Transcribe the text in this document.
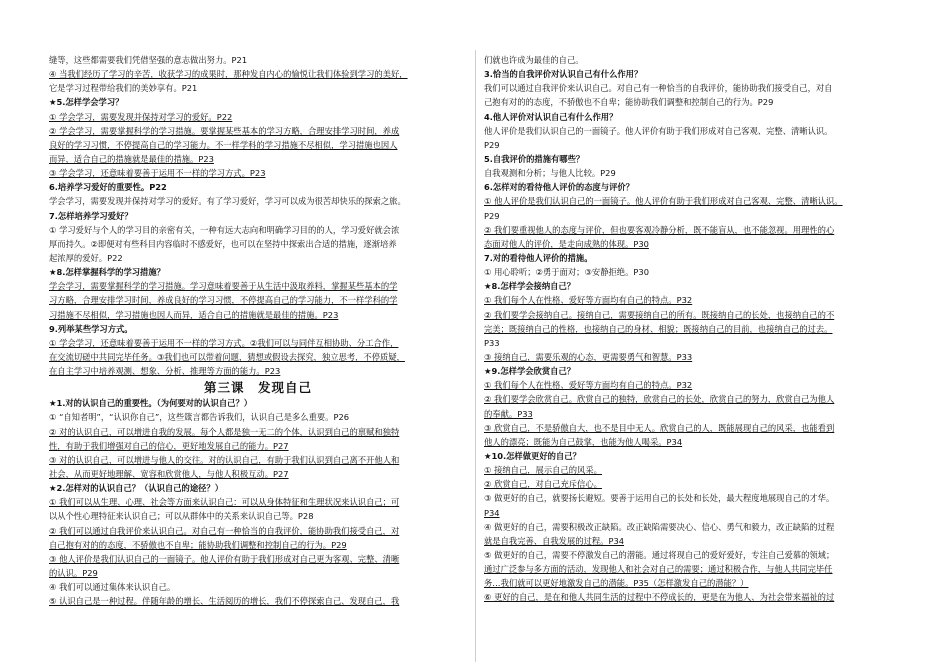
缝等，这些都需要我们凭借坚强的意志做出努力。P21
④ 当我们经历了学习的辛苦，收获学习的成果时，那种发自内心的愉悦让我们体验到学习的美好，
它是学习过程带给我们的美妙享有。P21
★5.怎样学会学习？
① 学会学习，需要发现并保持对学习的爱好。P22
② 学会学习，需要掌握科学的学习措施。要掌握某些基本的学习方略，合理安排学习时间，养成
良好的学习习惯，不停提高自己的学习能力。不一样学科的学习措施不尽相似，学习措施也因人
而异，适合自己的措施就是最佳的措施。P23
③ 学会学习，还意味着要善于运用不一样的学习方式。P23
6.培养学习爱好的重要性。P22
学会学习，需要发现并保持对学习的爱好。有了学习爱好，学习可以成为很苦却快乐的探索之旅。
7.怎样培养学习爱好？
① 学习爱好与个人的学习目的亲密有关，一种有远大志向和明确学习目的的人，学习爱好就会浓
厚而持久。②即便对有些科目内容临时不感爱好，也可以在坚持中探索出合适的措施，逐渐培养
起浓厚的爱好。P22
★8.怎样掌握科学的学习措施？
学会学习，需要掌握科学的学习措施。学习意味着要善于从生活中汲取养料，掌握某些基本的学
习方略，合理安排学习时间，养成良好的学习习惯，不停提高自己的学习能力，不一样学科的学
习措施不尽相似，学习措施也因人而异，适合自己的措施就是最佳的措施。P23
9.列举某些学习方式。
① 学会学习，还意味着要善于运用不一样的学习方式。②我们可以与同伴互相协助、分工合作，
在交流切磋中共同完毕任务。③我们也可以带着问题，猜想或假设去探究，独立思考，不停质疑，
在自主学习中培养观测、想象、分析、推理等方面的能力。P23
第三课　发现自己
★1.对的认识自己的重要性。（为何要对的认识自己？）
① “自知者明”，“认识你自己”，这些箴言都告诉我们，认识自己是多么重要。P26
② 对的认识自己，可以增进自我的发展。每个人都是独一无二的个体，认识到自己的禀赋和独特
性，有助于我们增强对自己的信心，更好地发展自己的能力。P27
③ 对的认识自己，可以增进与他人的交往。对的认识自己，有助于我们认识到自己离不开他人和
社会，从而更好地理解、宽容和欣赏他人，与他人积极互动。P27
★2.怎样对的认识自己？（认识自己的途径？）
① 我们可以从生理、心理、社会等方面来认识自己：可以从身体特征和生理状况来认识自己；可
以从个性心理特征来认识自己；可以从群体中的关系来认识自己等。P28
② 我们可以通过自我评价来认识自己。对自己有一种恰当的自我评价，能协助我们接受自己，对
自己抱有对的的态度，不骄傲也不自卑；能协助我们调整和控制自己的行为。P29
③ 他人评价是我们认识自己的一面镜子。他人评价有助于我们形成对自己更为客观、完整、清晰
的认识。P29
④ 我们可以通过集体来认识自己。
⑤ 认识自己是一种过程。伴随年龄的增长、生活阅历的增长，我们不停探索自己、发现自己，我
们就也许成为最佳的自己。
3.恰当的自我评价对认识自己有什么作用？
我们可以通过自我评价来认识自己。对自己有一种恰当的自我评价，能协助我们接受自己，对自
己抱有对的的态度，不骄傲也不自卑；能协助我们调整和控制自己的行为。P29
4.他人评价对认识自己有什么作用？
他人评价是我们认识自己的一面镜子。他人评价有助于我们形成对自己客观、完整、清晰认识。
P29
5.自我评价的措施有哪些？
自我观测和分析；与他人比较。P29
6.怎样对的看待他人评价的态度与评价？
① 他人评价是我们认识自己的一面镜子。他人评价有助于我们形成对自己客观、完整、清晰认识。
P29
② 我们要重视他人的态度与评价，但也要客观冷静分析，既不能盲从，也不能忽视。用理性的心
态面对他人的评价，是走向成熟的体现。P30
7.对的看待他人评价的措施。
① 用心聆听；②勇于面对；③安静拒绝。P30
★8.怎样学会接纳自己？
① 我们每个人在性格、爱好等方面均有自己的特点。P32
② 我们要学会接纳自己。接纳自己，需要接纳自己的所有。既接纳自己的长处，也接纳自己的不
完美；既接纳自己的性格，也接纳自己的身材、相貌；既接纳自己的目前，也接纳自己的过去。
P33
③ 接纳自己，需要乐观的心态，更需要勇气和智慧。P33
★9.怎样学会欣赏自己？
① 我们每个人在性格、爱好等方面均有自己的特点。P32
② 我们要学会欣赏自己。欣赏自己的独特，欣赏自己的长处，欣赏自己的努力，欣赏自己为他人
的奉献。P33
③ 欣赏自己，不是骄傲自大，也不是目中无人。欣赏自己的人，既能展现自己的风采，也能看到
他人的漂亮；既能为自己鼓掌，也能为他人喝采。P34
★10.怎样做更好的自己？
① 接纳自己，展示自己的风采。
② 欣赏自己，对自己充斥信心。
③ 做更好的自己，就要扬长避短。要善于运用自己的长处和长处，最大程度地展现自己的才华。
P34
④ 做更好的自己，需要积极改正缺陷。改正缺陷需要决心、信心、勇气和毅力，改正缺陷的过程
就是自我完善、自我发展的过程。P34
⑤ 做更好的自己，需要不停激发自己的潜能。通过将现自己的爱好爱好，专注自己爱慕的领域；
通过广泛参与多方面的活动，发现他人和社会对自己的需要；通过积极合作，与他人共同完毕任
务…我们就可以更好地激发自己的潜能。P35（怎样激发自己的潜能？）
⑥ 更好的自己，是在和他人共同生活的过程中不停成长的，更是在为他人、为社会带来福祉的过
